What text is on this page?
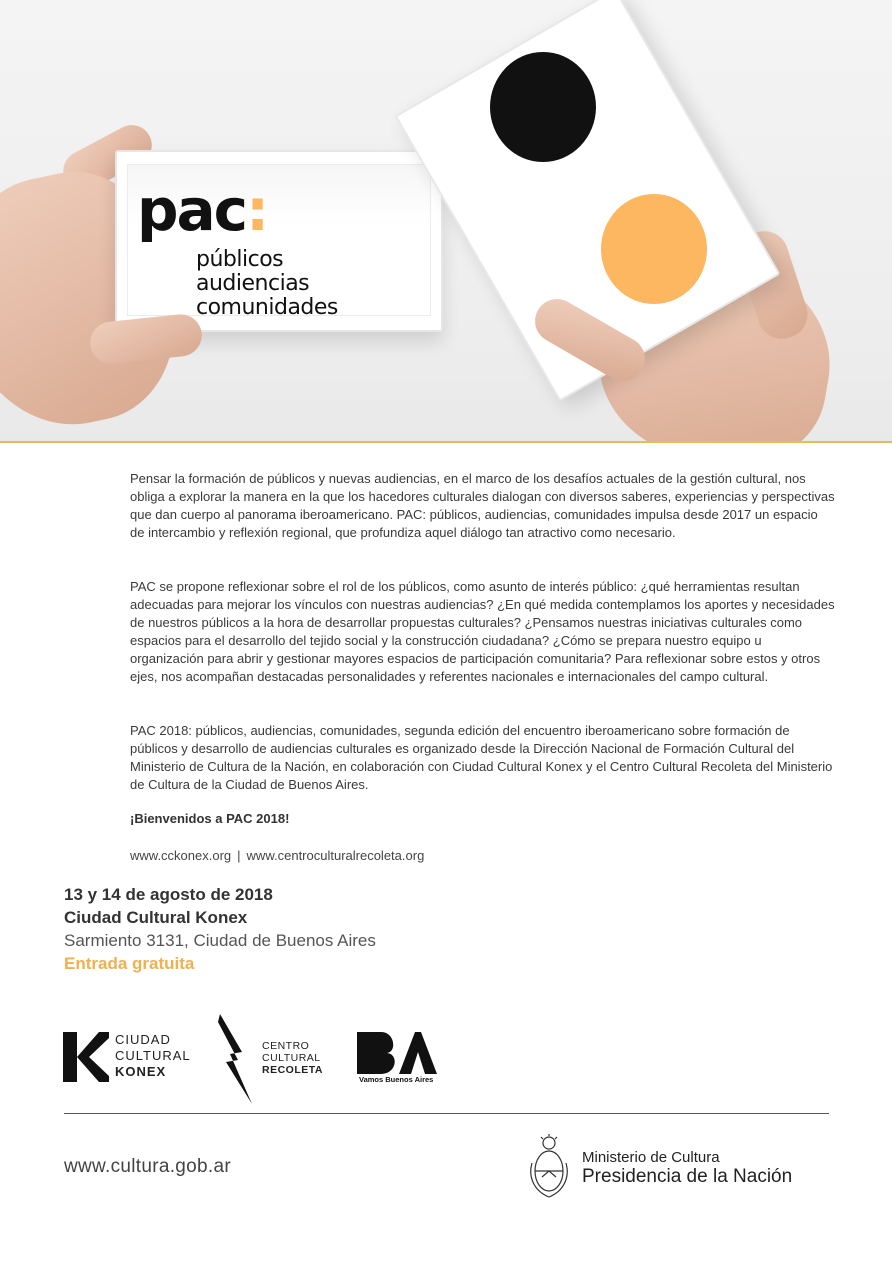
pac:
públicos
audiencias
comunidades

Pensar la formación de públicos y nuevas audiencias, en el marco de los desafíos actuales de la gestión cultural, nos obliga a explorar la manera en la que los hacedores culturales dialogan con diversos saberes, experiencias y perspectivas que dan cuerpo al panorama iberoamericano. PAC: públicos, audiencias, comunidades impulsa desde 2017 un espacio de intercambio y reflexión regional, que profundiza aquel diálogo tan atractivo como necesario.

PAC se propone reflexionar sobre el rol de los públicos, como asunto de interés público: ¿qué herramientas resultan adecuadas para mejorar los vínculos con nuestras audiencias? ¿En qué medida contemplamos los aportes y necesidades de nuestros públicos a la hora de desarrollar propuestas culturales? ¿Pensamos nuestras iniciativas culturales como espacios para el desarrollo del tejido social y la construcción ciudadana? ¿Cómo se prepara nuestro equipo u organización para abrir y gestionar mayores espacios de participación comunitaria? Para reflexionar sobre estos y otros ejes, nos acompañan destacadas personalidades y referentes nacionales e internacionales del campo cultural.

PAC 2018: públicos, audiencias, comunidades, segunda edición del encuentro iberoamericano sobre formación de públicos y desarrollo de audiencias culturales es organizado desde la Dirección Nacional de Formación Cultural del Ministerio de Cultura de la Nación, en colaboración con Ciudad Cultural Konex y el Centro Cultural Recoleta del Ministerio de Cultura de la Ciudad de Buenos Aires.

¡Bienvenidos a PAC 2018!
www.cckonex.org | www.centroculturalrecoleta.org
13 y 14 de agosto de 2018
Ciudad Cultural Konex
Sarmiento 3131, Ciudad de Buenos Aires
Entrada gratuita
CIUDAD
CULTURAL
KONEX
CENTRO
CULTURAL
RECOLETA
Vamos Buenos Aires
www.cultura.gob.ar	Ministerio de Cultura
Presidencia de la Nación
